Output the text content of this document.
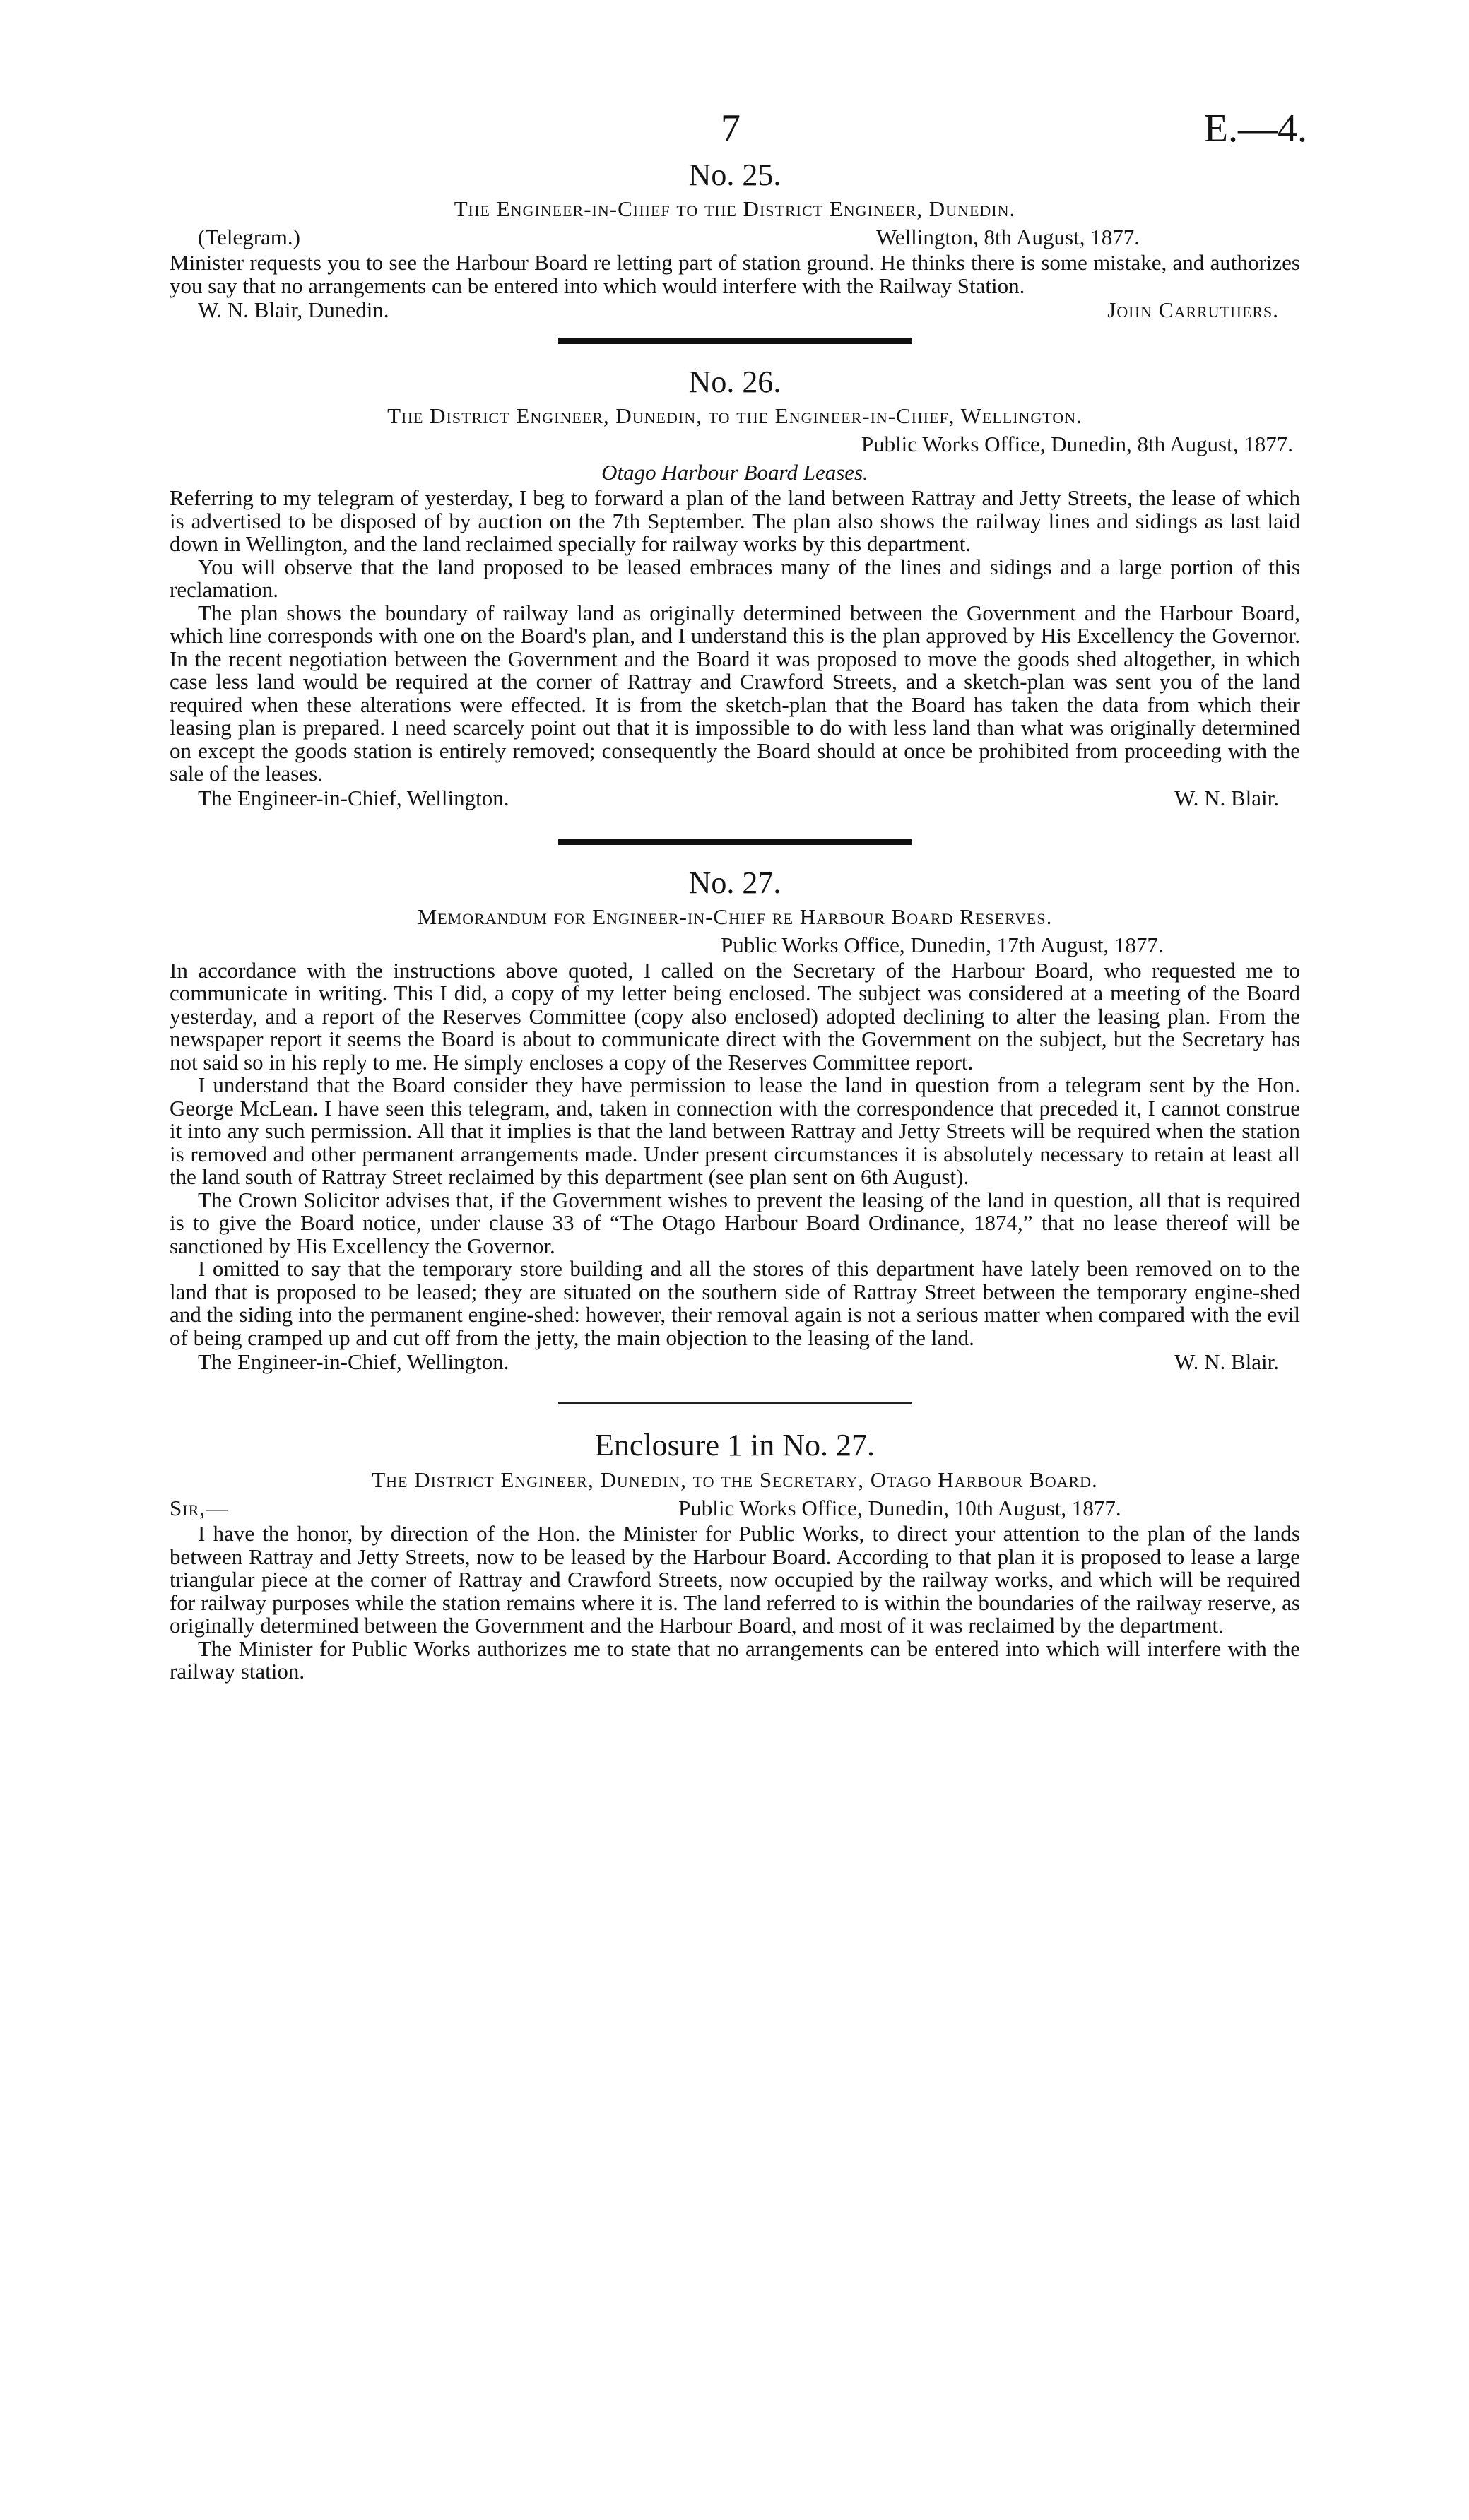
7	E.—4.

No. 25.

The Engineer-in-Chief to the District Engineer, Dunedin.
(Telegram.)	Wellington, 8th August, 1877.

Minister requests you to see the Harbour Board re letting part of station ground. He thinks there is some mistake, and authorizes you say that no arrangements can be entered into which would interfere with the Railway Station.

W. N. Blair, Dunedin.	John Carruthers.

No. 26.

The District Engineer, Dunedin, to the Engineer-in-Chief, Wellington.
Public Works Office, Dunedin, 8th August, 1877.
Otago Harbour Board Leases.

Referring to my telegram of yesterday, I beg to forward a plan of the land between Rattray and Jetty Streets, the lease of which is advertised to be disposed of by auction on the 7th September. The plan also shows the railway lines and sidings as last laid down in Wellington, and the land reclaimed specially for railway works by this department.

You will observe that the land proposed to be leased embraces many of the lines and sidings and a large portion of this reclamation.

The plan shows the boundary of railway land as originally determined between the Government and the Harbour Board, which line corresponds with one on the Board's plan, and I understand this is the plan approved by His Excellency the Governor. In the recent negotiation between the Government and the Board it was proposed to move the goods shed altogether, in which case less land would be required at the corner of Rattray and Crawford Streets, and a sketch-plan was sent you of the land required when these alterations were effected. It is from the sketch-plan that the Board has taken the data from which their leasing plan is prepared. I need scarcely point out that it is impossible to do with less land than what was originally determined on except the goods station is entirely removed; consequently the Board should at once be prohibited from proceeding with the sale of the leases.

The Engineer-in-Chief, Wellington.	W. N. Blair.

No. 27.

Memorandum for Engineer-in-Chief re Harbour Board Reserves.
Public Works Office, Dunedin, 17th August, 1877.

In accordance with the instructions above quoted, I called on the Secretary of the Harbour Board, who requested me to communicate in writing. This I did, a copy of my letter being enclosed. The subject was considered at a meeting of the Board yesterday, and a report of the Reserves Committee (copy also enclosed) adopted declining to alter the leasing plan. From the newspaper report it seems the Board is about to communicate direct with the Government on the subject, but the Secretary has not said so in his reply to me. He simply encloses a copy of the Reserves Committee report.

I understand that the Board consider they have permission to lease the land in question from a telegram sent by the Hon. George McLean. I have seen this telegram, and, taken in connection with the correspondence that preceded it, I cannot construe it into any such permission. All that it implies is that the land between Rattray and Jetty Streets will be required when the station is removed and other permanent arrangements made. Under present circumstances it is absolutely necessary to retain at least all the land south of Rattray Street reclaimed by this department (see plan sent on 6th August).

The Crown Solicitor advises that, if the Government wishes to prevent the leasing of the land in question, all that is required is to give the Board notice, under clause 33 of “The Otago Harbour Board Ordinance, 1874,” that no lease thereof will be sanctioned by His Excellency the Governor.

I omitted to say that the temporary store building and all the stores of this department have lately been removed on to the land that is proposed to be leased; they are situated on the southern side of Rattray Street between the temporary engine-shed and the siding into the permanent engine-shed: however, their removal again is not a serious matter when compared with the evil of being cramped up and cut off from the jetty, the main objection to the leasing of the land.

The Engineer-in-Chief, Wellington.	W. N. Blair.
Enclosure 1 in No. 27.
The District Engineer, Dunedin, to the Secretary, Otago Harbour Board.
Sir,—	Public Works Office, Dunedin, 10th August, 1877.

I have the honor, by direction of the Hon. the Minister for Public Works, to direct your attention to the plan of the lands between Rattray and Jetty Streets, now to be leased by the Harbour Board. According to that plan it is proposed to lease a large triangular piece at the corner of Rattray and Crawford Streets, now occupied by the railway works, and which will be required for railway purposes while the station remains where it is. The land referred to is within the boundaries of the railway reserve, as originally determined between the Government and the Harbour Board, and most of it was reclaimed by the department.

The Minister for Public Works authorizes me to state that no arrangements can be entered into which will interfere with the railway station.
